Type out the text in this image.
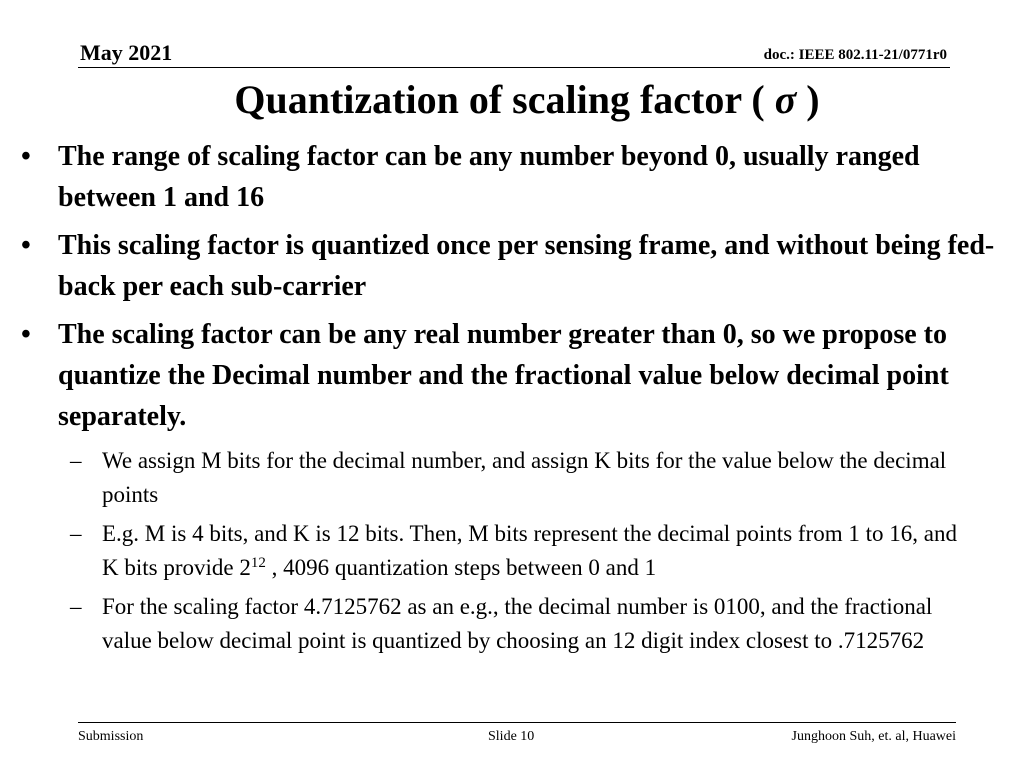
May 2021	doc.: IEEE 802.11-21/0771r0
Quantization of scaling factor ( σ )
• The range of scaling factor can be any number beyond 0, usually ranged between 1 and 16
• This scaling factor is quantized once per sensing frame, and without being fed-back per each sub-carrier
• The scaling factor can be any real number greater than 0, so we propose to quantize the Decimal number and the fractional value below decimal point separately.
– We assign M bits for the decimal number, and assign K bits for the value below the decimal points
– E.g. M is 4 bits, and K is 12 bits. Then, M bits represent the decimal points from 1 to 16, and K bits provide $2^{12}$ , 4096 quantization steps between 0 and 1
– For the scaling factor 4.7125762 as an e.g., the decimal number is 0100, and the fractional value below decimal point is quantized by choosing an 12 digit index closest to .7125762
Submission	Slide 10	Junghoon Suh, et. al, Huawei
